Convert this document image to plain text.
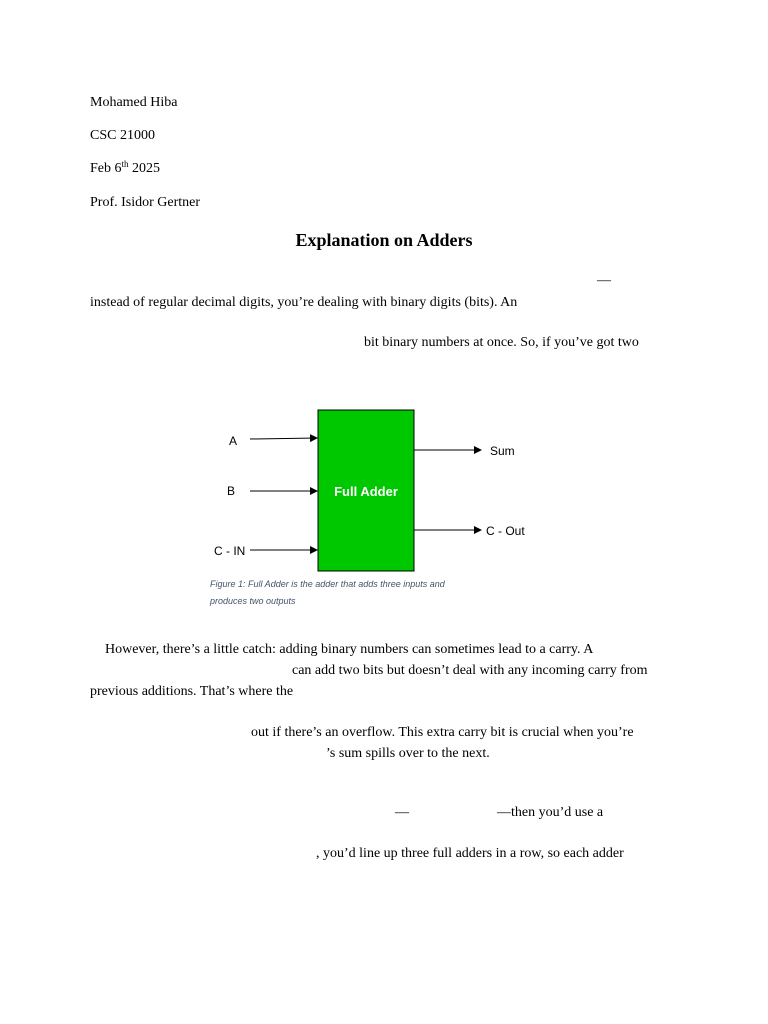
Mohamed Hiba
CSC 21000
Feb 6th 2025
Prof. Isidor Gertner
Explanation on Adders
—
instead of regular decimal digits, you’re dealing with binary digits (bits). An
bit binary numbers at once. So, if you’ve got two
Full Adder
A
B
C - IN
Sum
C - Out
Figure 1: Full Adder is the adder that adds three inputs and
produces two outputs
However, there’s a little catch: adding binary numbers can sometimes lead to a carry. A
can add two bits but doesn’t deal with any incoming carry from
previous additions. That’s where the
out if there’s an overflow. This extra carry bit is crucial when you’re
’s sum spills over to the next.
—	—then you’d use a
, you’d line up three full adders in a row, so each adder
